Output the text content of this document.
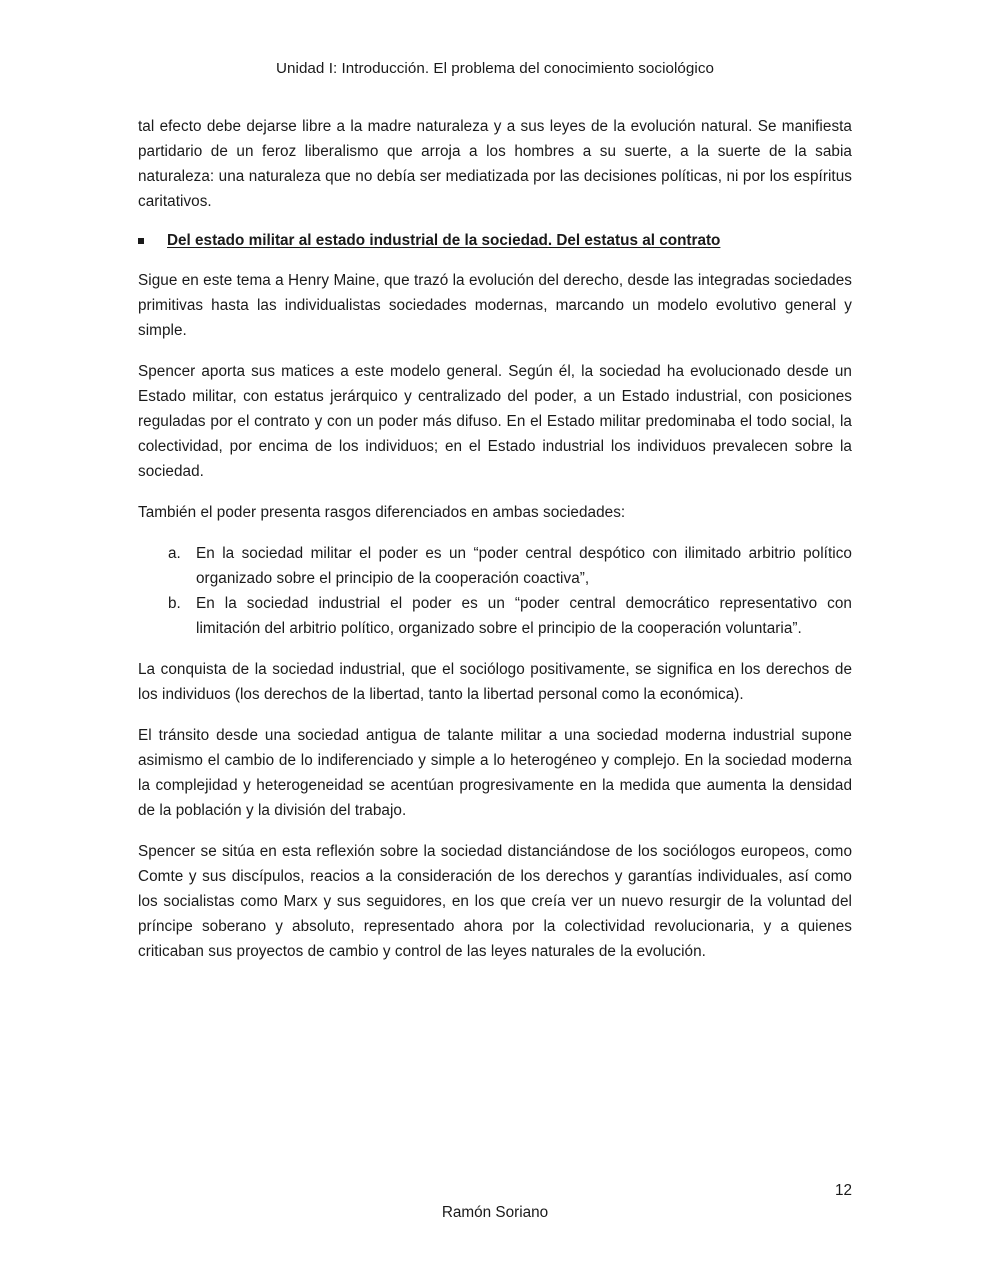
Unidad I: Introducción. El problema del conocimiento sociológico

tal efecto debe dejarse libre a la madre naturaleza y a sus leyes de la evolución natural. Se manifiesta partidario de un feroz liberalismo que arroja a los hombres a su suerte, a la suerte de la sabia naturaleza: una naturaleza que no debía ser mediatizada por las decisiones políticas, ni por los espíritus caritativos.

Del estado militar al estado industrial de la sociedad. Del estatus al contrato

Sigue en este tema a Henry Maine, que trazó la evolución del derecho, desde las integradas sociedades primitivas hasta las individualistas sociedades modernas, marcando un modelo evolutivo general y simple.

Spencer aporta sus matices a este modelo general. Según él, la sociedad ha evolucionado desde un Estado militar, con estatus jerárquico y centralizado del poder, a un Estado industrial, con posiciones reguladas por el contrato y con un poder más difuso. En el Estado militar predominaba el todo social, la colectividad, por encima de los individuos; en el Estado industrial los individuos prevalecen sobre la sociedad.

También el poder presenta rasgos diferenciados en ambas sociedades:

a. En la sociedad militar el poder es un “poder central despótico con ilimitado arbitrio político organizado sobre el principio de la cooperación coactiva”,
b. En la sociedad industrial el poder es un “poder central democrático representativo con limitación del arbitrio político, organizado sobre el principio de la cooperación voluntaria”.

La conquista de la sociedad industrial, que el sociólogo positivamente, se significa en los derechos de los individuos (los derechos de la libertad, tanto la libertad personal como la económica).

El tránsito desde una sociedad antigua de talante militar a una sociedad moderna industrial supone asimismo el cambio de lo indiferenciado y simple a lo heterogéneo y complejo. En la sociedad moderna la complejidad y heterogeneidad se acentúan progresivamente en la medida que aumenta la densidad de la población y la división del trabajo.

Spencer se sitúa en esta reflexión sobre la sociedad distanciándose de los sociólogos europeos, como Comte y sus discípulos, reacios a la consideración de los derechos y garantías individuales, así como los socialistas como Marx y sus seguidores, en los que creía ver un nuevo resurgir de la voluntad del príncipe soberano y absoluto, representado ahora por la colectividad revolucionaria, y a quienes criticaban sus proyectos de cambio y control de las leyes naturales de la evolución.

12
Ramón Soriano
